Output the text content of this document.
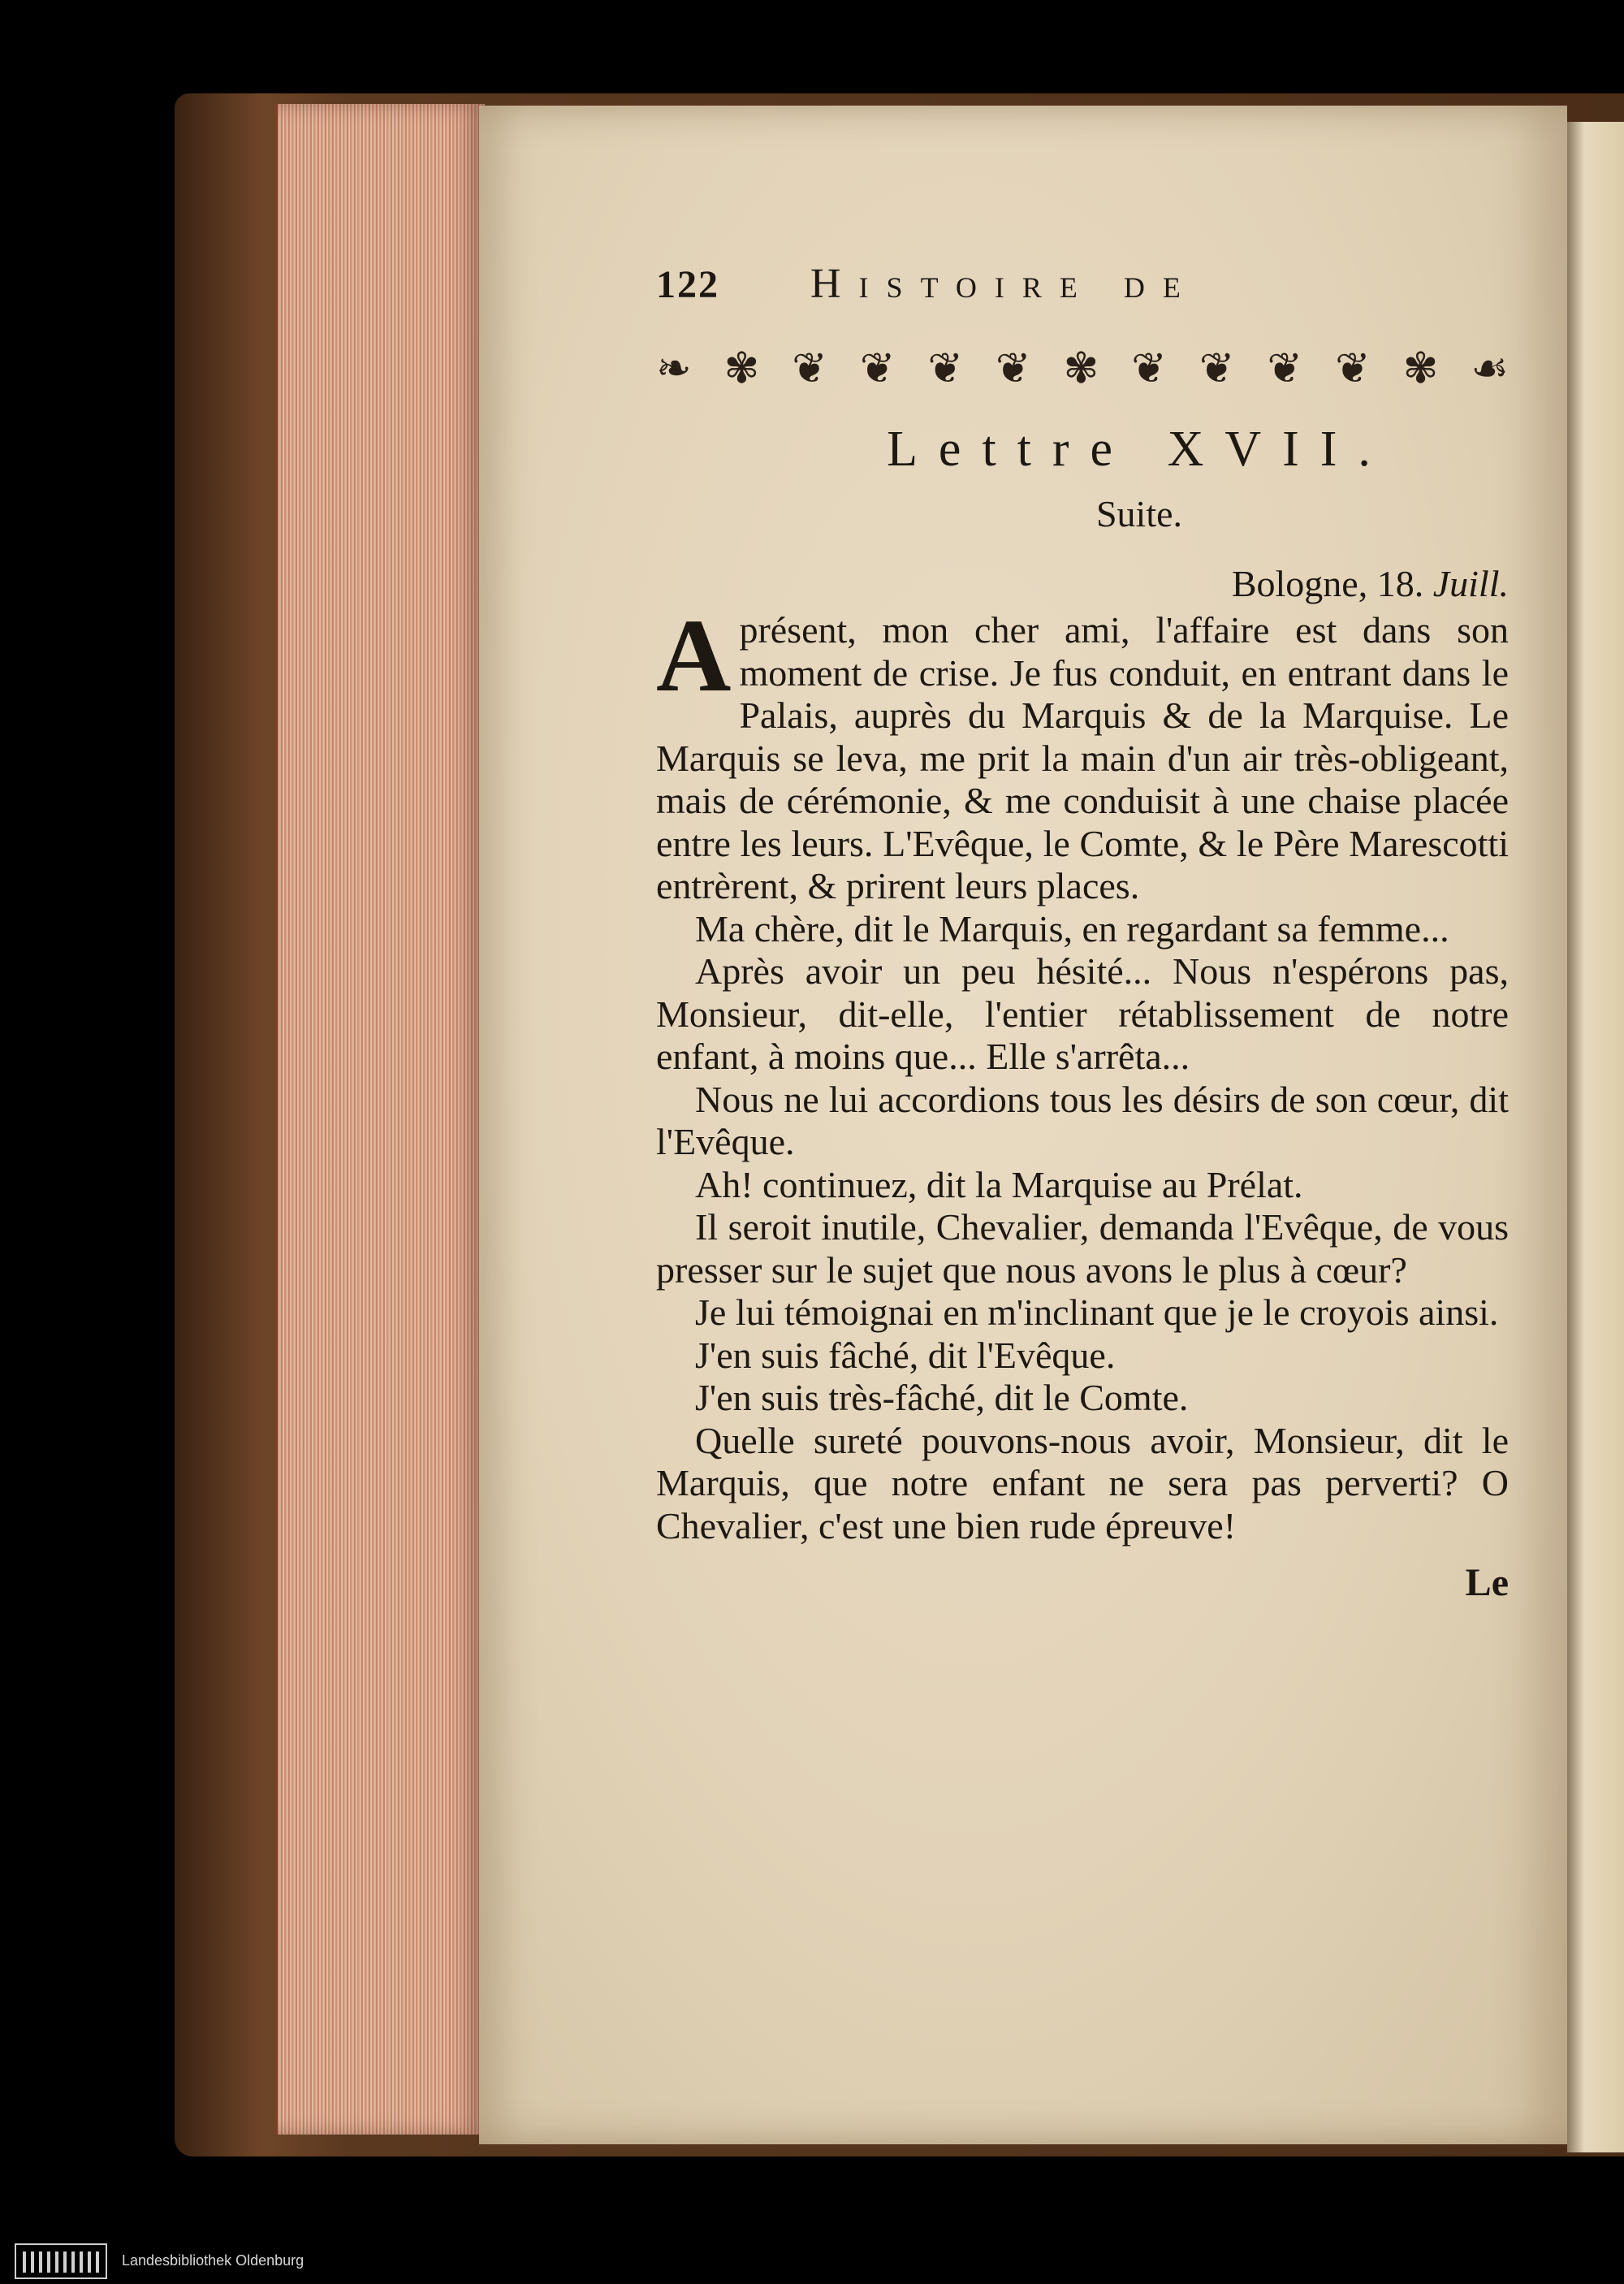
122	Histoire de
❧ ✾ ❦ ❦ ❦ ❦ ✾ ❦ ❦ ❦ ❦ ✾ ☙
Lettre XVII.
Suite.
Bologne, 18. Juill.

A présent, mon cher ami, l'affaire est dans son moment de crise. Je fus conduit, en entrant dans le Palais, auprès du Marquis & de la Marquise. Le Marquis se leva, me prit la main d'un air très-obligeant, mais de cérémonie, & me conduisit à une chaise placée entre les leurs. L'Evêque, le Comte, & le Père Marescotti entrèrent, & prirent leurs places.

Ma chère, dit le Marquis, en regardant sa femme...

Après avoir un peu hésité... Nous n'espérons pas, Monsieur, dit-elle, l'entier rétablissement de notre enfant, à moins que... Elle s'arrêta...

Nous ne lui accordions tous les désirs de son cœur, dit l'Evêque.

Ah! continuez, dit la Marquise au Prélat.

Il seroit inutile, Chevalier, demanda l'Evêque, de vous presser sur le sujet que nous avons le plus à cœur?

Je lui témoignai en m'inclinant que je le croyois ainsi.

J'en suis fâché, dit l'Evêque.

J'en suis très-fâché, dit le Comte.

Quelle sureté pouvons-nous avoir, Monsieur, dit le Marquis, que notre enfant ne sera pas perverti? O Chevalier, c'est une bien rude épreuve!

Le
Landesbibliothek Oldenburg
